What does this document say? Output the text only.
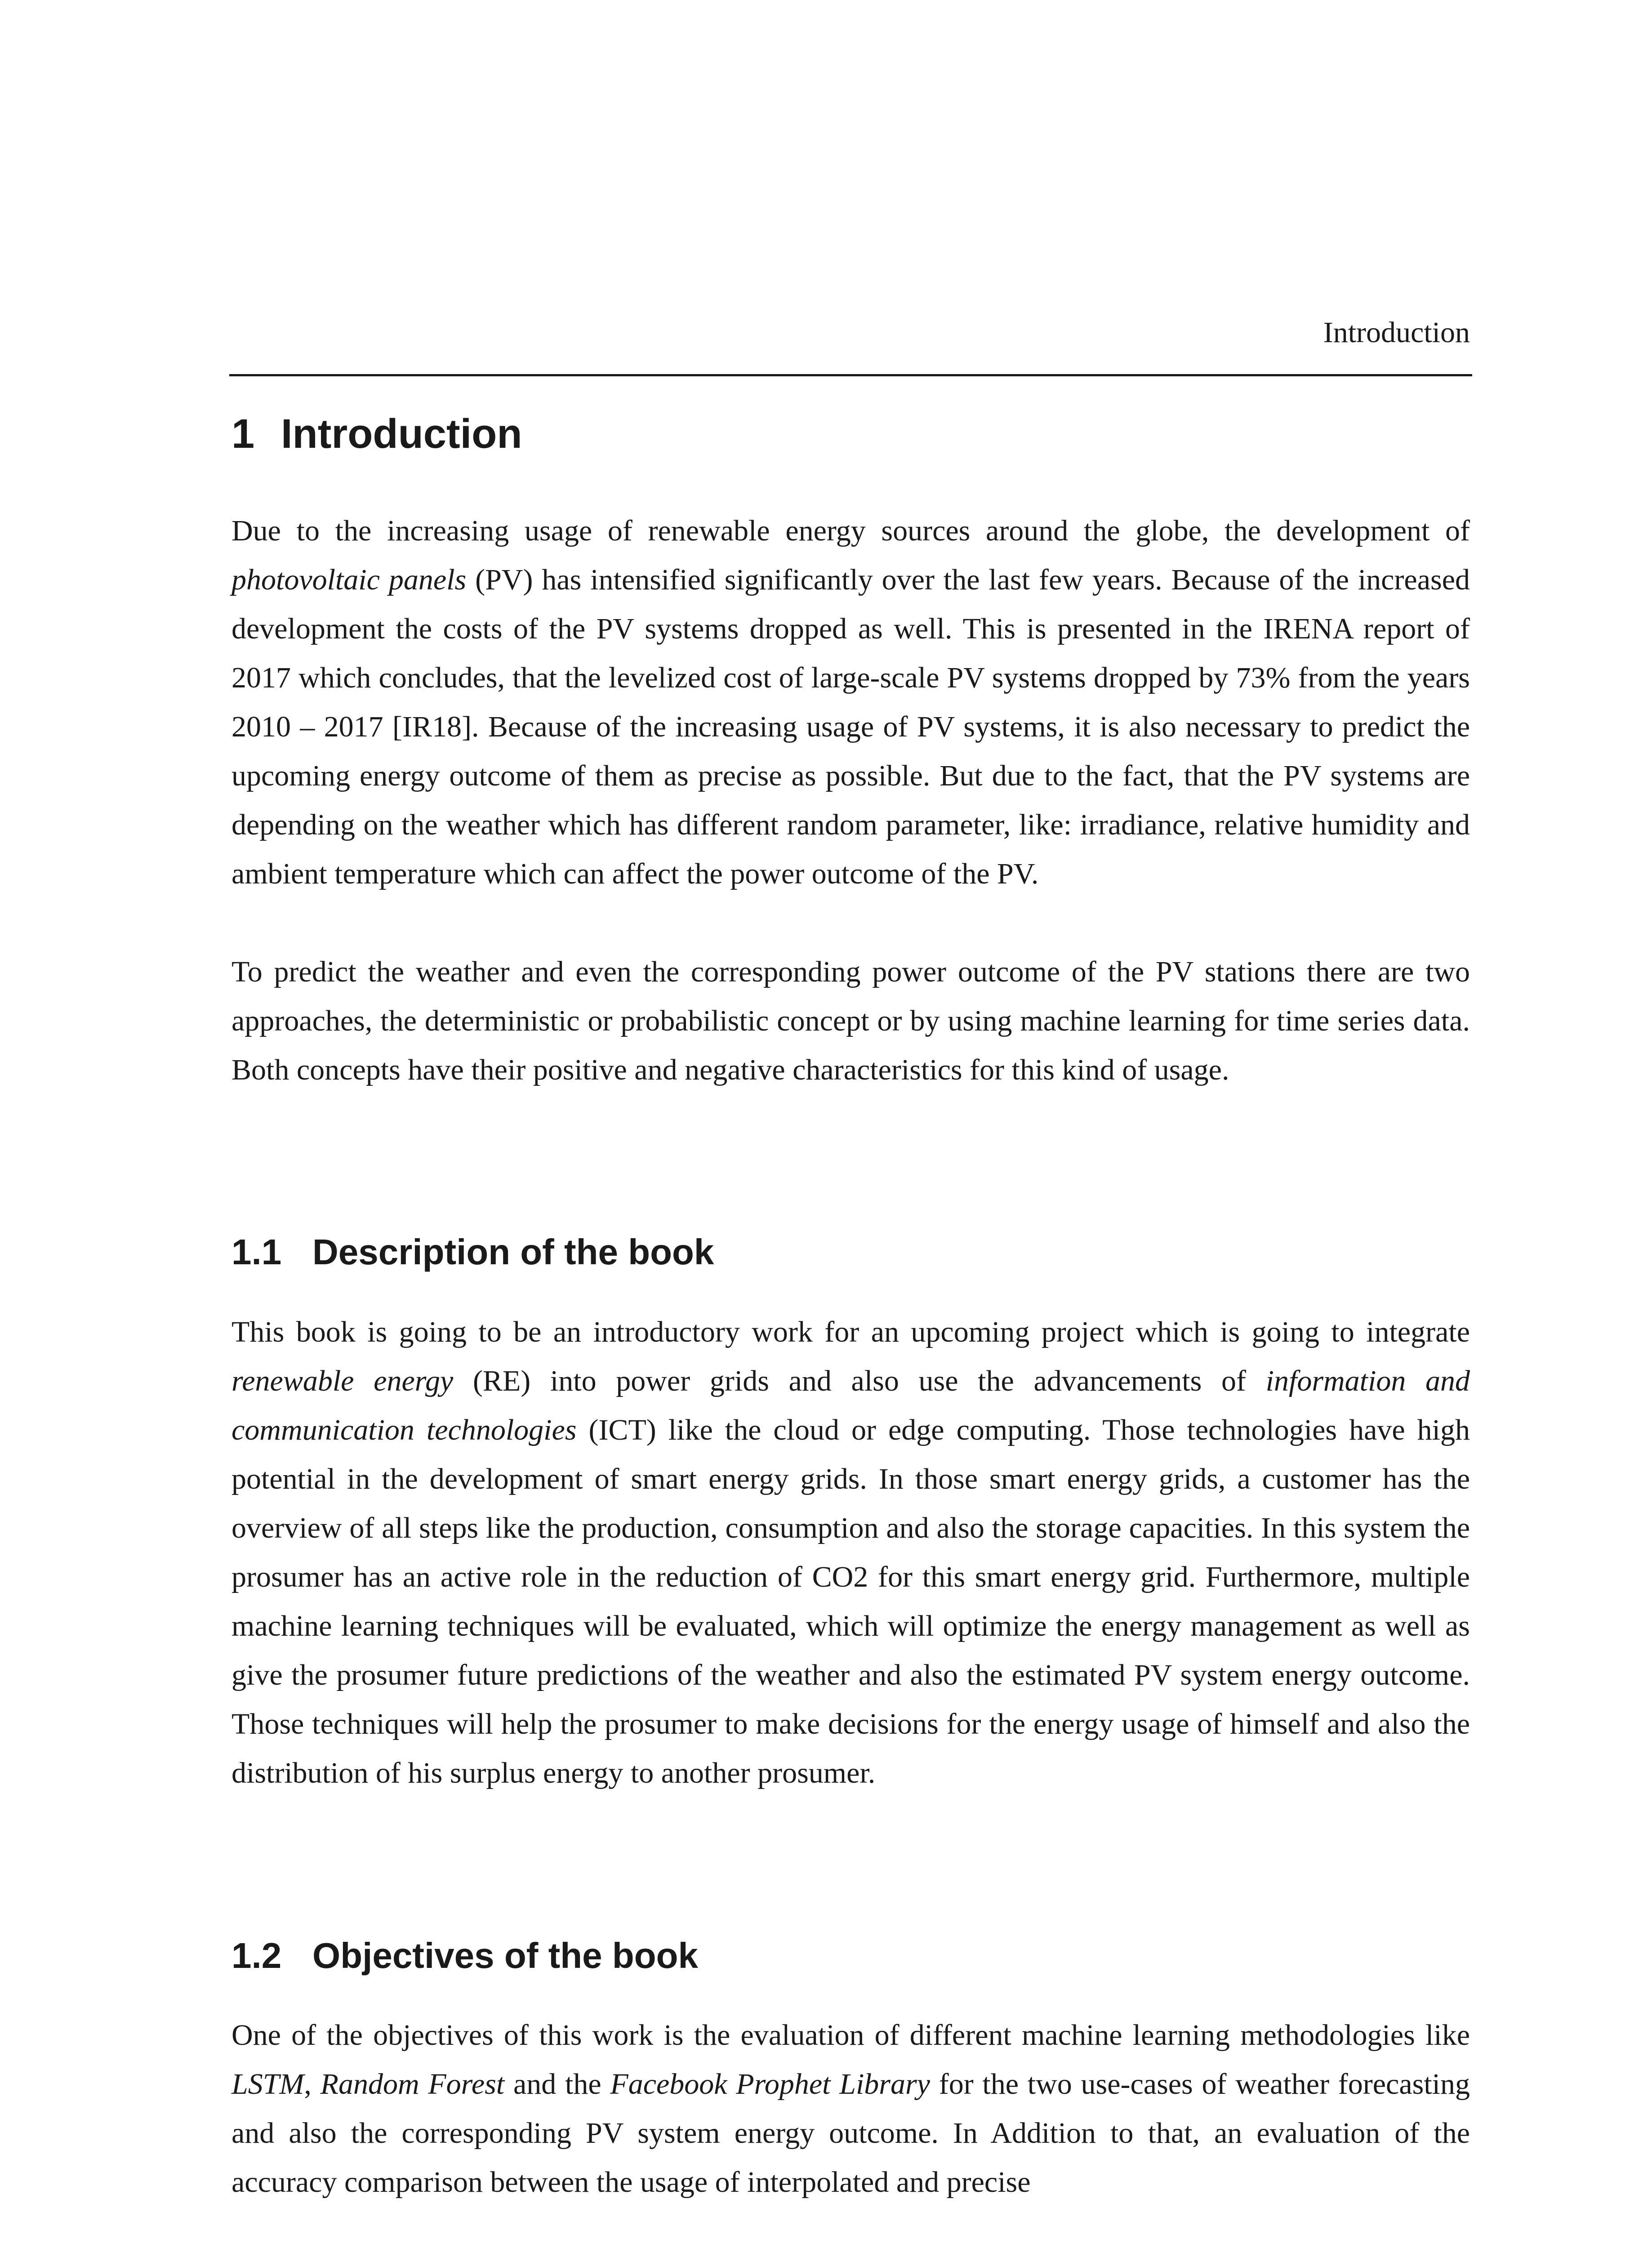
Introduction
1 Introduction

Due to the increasing usage of renewable energy sources around the globe, the development of photovoltaic panels (PV) has intensified significantly over the last few years. Because of the increased development the costs of the PV systems dropped as well. This is presented in the IRENA report of 2017 which concludes, that the levelized cost of large-scale PV systems dropped by 73% from the years 2010 – 2017 [IR18]. Because of the increasing usage of PV systems, it is also necessary to predict the upcoming energy outcome of them as precise as possible. But due to the fact, that the PV systems are depending on the weather which has different random parameter, like: irradiance, relative humidity and ambient temperature which can affect the power outcome of the PV.

To predict the weather and even the corresponding power outcome of the PV stations there are two approaches, the deterministic or probabilistic concept or by using machine learning for time series data. Both concepts have their positive and negative characteristics for this kind of usage.

1.1 Description of the book

This book is going to be an introductory work for an upcoming project which is going to integrate renewable energy (RE) into power grids and also use the advancements of information and communication technologies (ICT) like the cloud or edge computing. Those technologies have high potential in the development of smart energy grids. In those smart energy grids, a customer has the overview of all steps like the production, consumption and also the storage capacities. In this system the prosumer has an active role in the reduction of CO2 for this smart energy grid. Furthermore, multiple machine learning techniques will be evaluated, which will optimize the energy management as well as give the prosumer future predictions of the weather and also the estimated PV system energy outcome. Those techniques will help the prosumer to make decisions for the energy usage of himself and also the distribution of his surplus energy to another prosumer.

1.2 Objectives of the book

One of the objectives of this work is the evaluation of different machine learning methodologies like LSTM, Random Forest and the Facebook Prophet Library for the two use-cases of weather forecasting and also the corresponding PV system energy outcome. In Addition to that, an evaluation of the accuracy comparison between the usage of interpolated and precise
